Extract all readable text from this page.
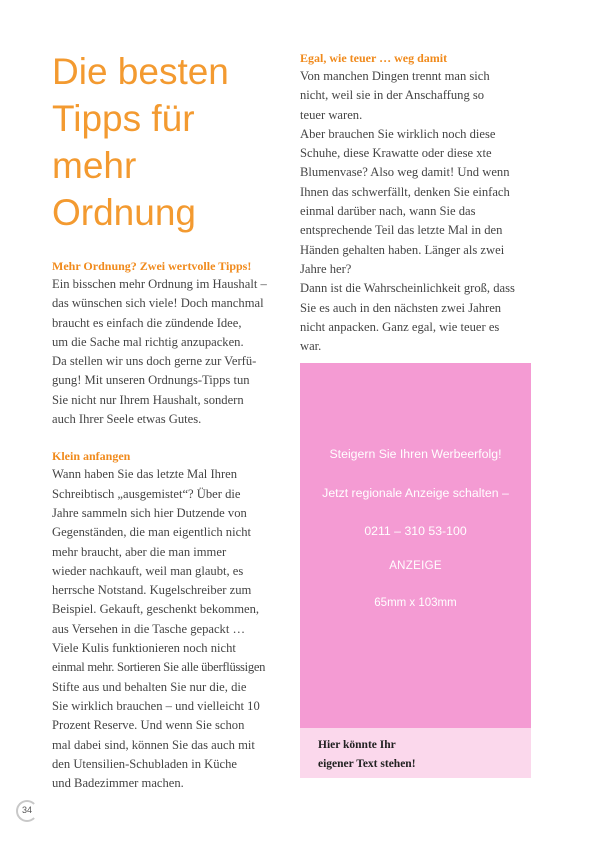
Die besten
Tipps für
mehr
Ordnung

Mehr Ordnung? Zwei wertvolle Tipps!

Ein bisschen mehr Ordnung im Haushalt –
das wünschen sich viele! Doch manchmal
braucht es einfach die zündende Idee,
um die Sache mal richtig anzupacken.
Da stellen wir uns doch gerne zur Verfü-
gung! Mit unseren Ordnungs-Tipps tun
Sie nicht nur Ihrem Haushalt, sondern
auch Ihrer Seele etwas Gutes.

Klein anfangen

Wann haben Sie das letzte Mal Ihren
Schreibtisch „ausgemistet“? Über die
Jahre sammeln sich hier Dutzende von
Gegenständen, die man eigentlich nicht
mehr braucht, aber die man immer
wieder nachkauft, weil man glaubt, es
herrsche Notstand. Kugelschreiber zum
Beispiel. Gekauft, geschenkt bekommen,
aus Versehen in die Tasche gepackt …
Viele Kulis funktionieren noch nicht
einmal mehr. Sortieren Sie alle überflüssigen
Stifte aus und behalten Sie nur die, die
Sie wirklich brauchen – und vielleicht 10
Prozent Reserve. Und wenn Sie schon
mal dabei sind, können Sie das auch mit
den Utensilien-Schubladen in Küche
und Badezimmer machen.

Egal, wie teuer … weg damit

Von manchen Dingen trennt man sich
nicht, weil sie in der Anschaffung so
teuer waren.
Aber brauchen Sie wirklich noch diese
Schuhe, diese Krawatte oder diese xte
Blumenvase? Also weg damit! Und wenn
Ihnen das schwerfällt, denken Sie einfach
einmal darüber nach, wann Sie das
entsprechende Teil das letzte Mal in den
Händen gehalten haben. Länger als zwei
Jahre her?
Dann ist die Wahrscheinlichkeit groß, dass
Sie es auch in den nächsten zwei Jahren
nicht anpacken. Ganz egal, wie teuer es
war.
Steigern Sie Ihren Werbeerfolg!
Jetzt regionale Anzeige schalten –
0211 – 310 53-100
ANZEIGE
65mm x 103mm
Hier könnte Ihr
eigener Text stehen!
34
